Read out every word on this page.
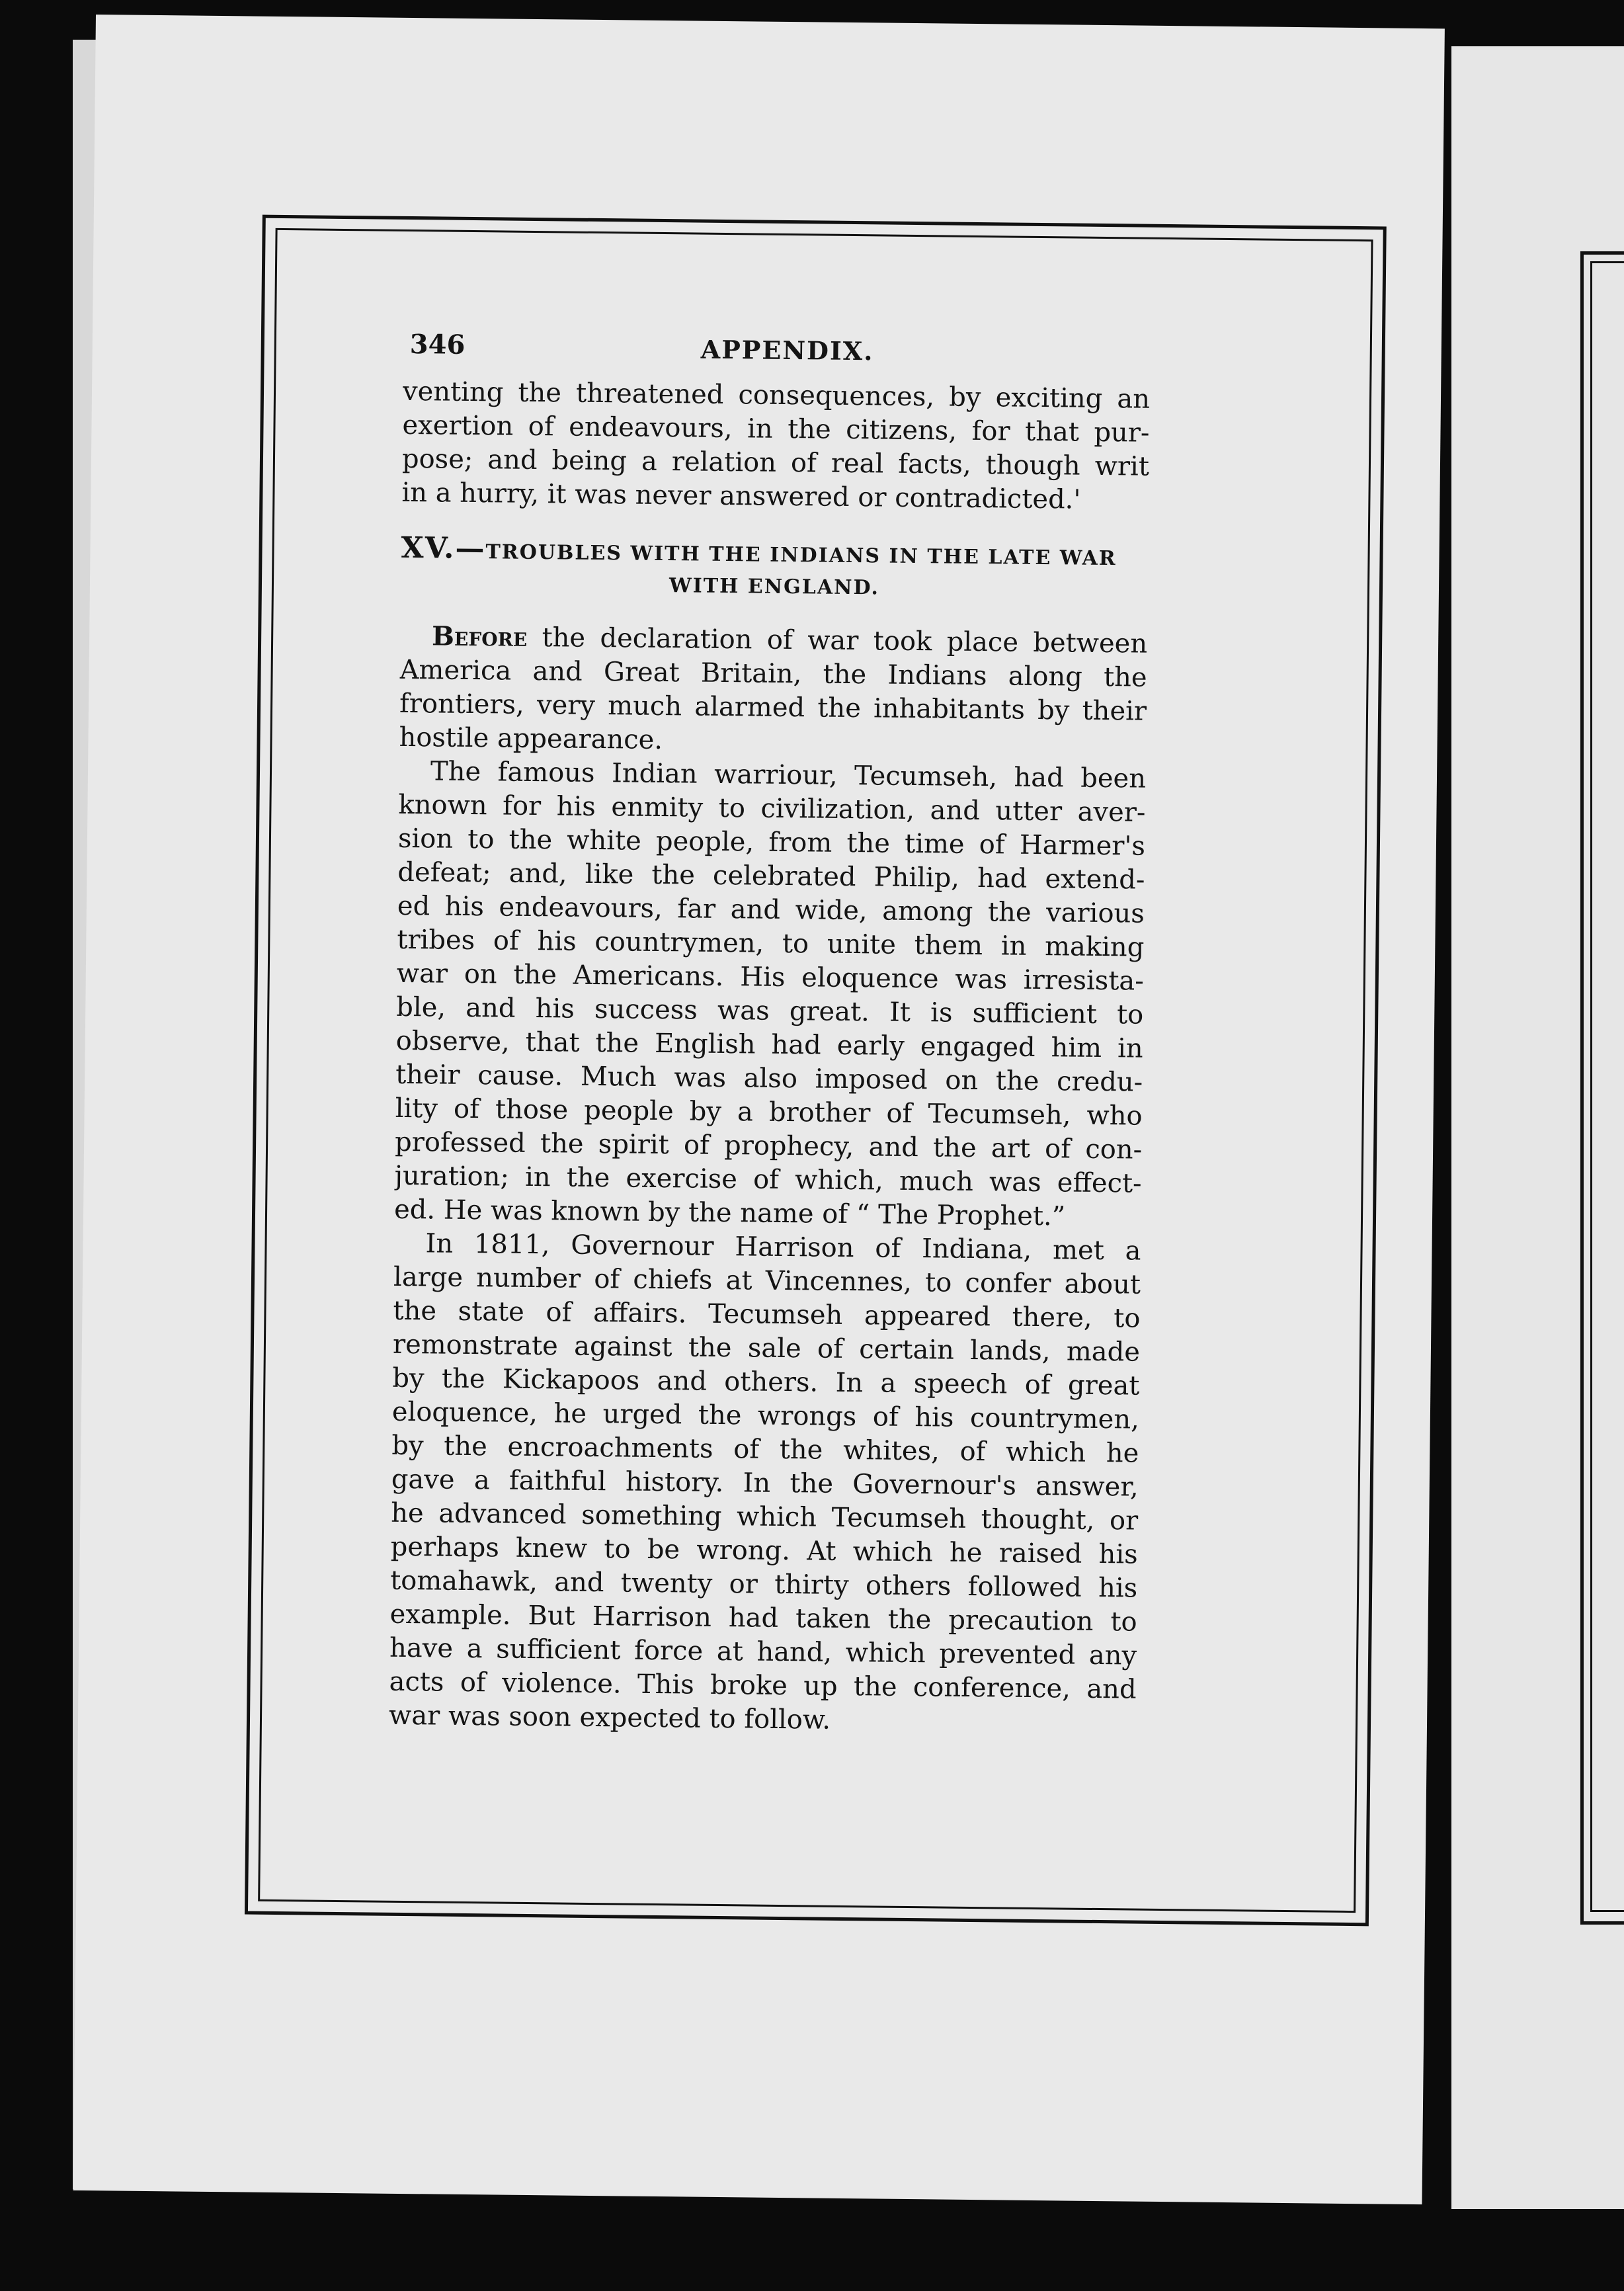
346	APPENDIX.
venting the threatened consequences, by exciting an
exertion of endeavours, in the citizens, for that pur-
pose; and being a relation of real facts, though writ
in a hurry, it was never answered or contradicted.'
XV.—TROUBLES WITH THE INDIANS IN THE LATE WAR
WITH ENGLAND.
Before the declaration of war took place between
America and Great Britain, the Indians along the
frontiers, very much alarmed the inhabitants by their
hostile appearance.
The famous Indian warriour, Tecumseh, had been
known for his enmity to civilization, and utter aver-
sion to the white people, from the time of Harmer's
defeat; and, like the celebrated Philip, had extend-
ed his endeavours, far and wide, among the various
tribes of his countrymen, to unite them in making
war on the Americans. His eloquence was irresista-
ble, and his success was great. It is sufficient to
observe, that the English had early engaged him in
their cause. Much was also imposed on the credu-
lity of those people by a brother of Tecumseh, who
professed the spirit of prophecy, and the art of con-
juration; in the exercise of which, much was effect-
ed. He was known by the name of “ The Prophet.”
In 1811, Governour Harrison of Indiana, met a
large number of chiefs at Vincennes, to confer about
the state of affairs. Tecumseh appeared there, to
remonstrate against the sale of certain lands, made
by the Kickapoos and others. In a speech of great
eloquence, he urged the wrongs of his countrymen,
by the encroachments of the whites, of which he
gave a faithful history. In the Governour's answer,
he advanced something which Tecumseh thought, or
perhaps knew to be wrong. At which he raised his
tomahawk, and twenty or thirty others followed his
example. But Harrison had taken the precaution to
have a sufficient force at hand, which prevented any
acts of violence. This broke up the conference, and
war was soon expected to follow.
